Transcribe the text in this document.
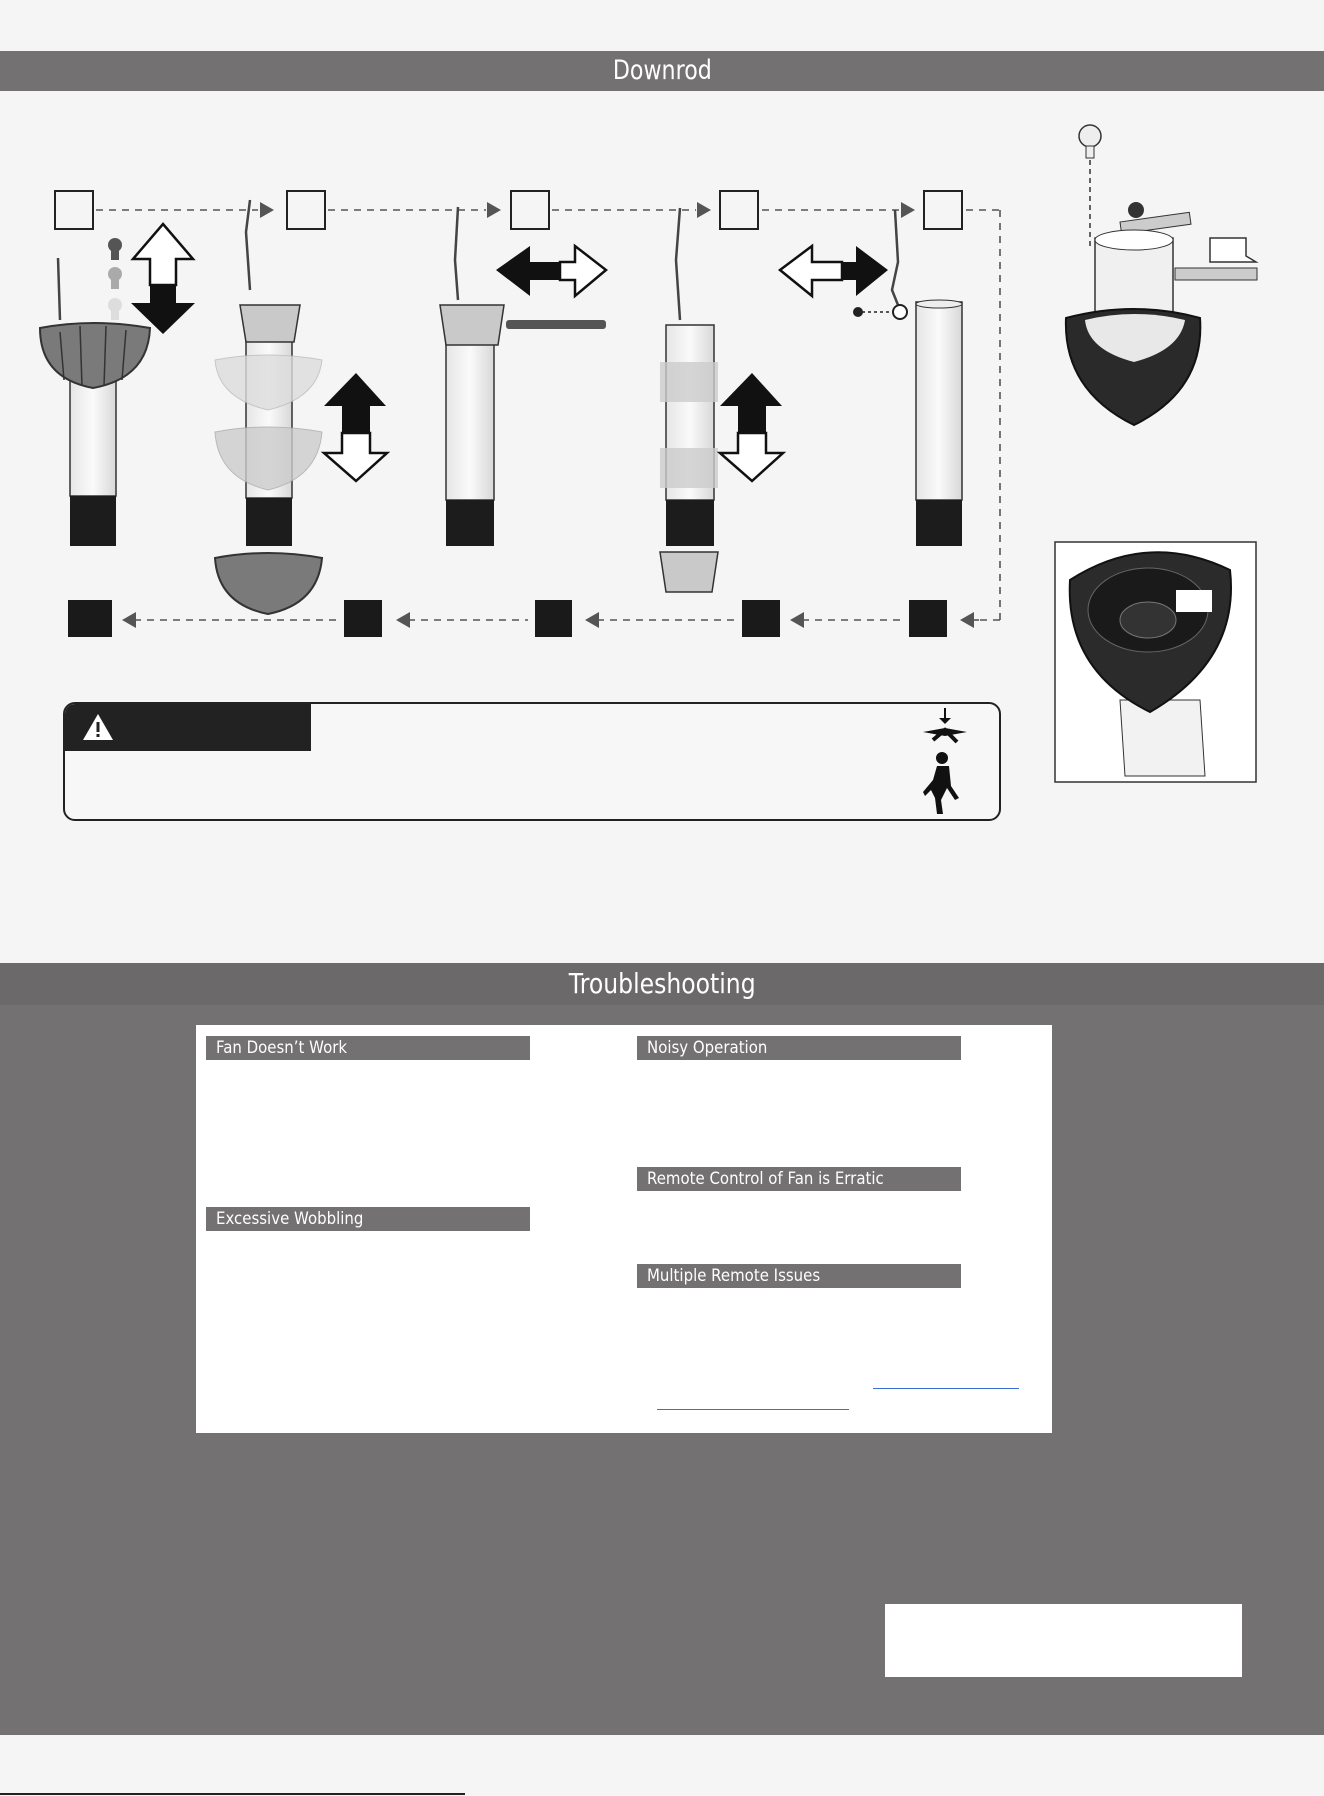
Downrod
Troubleshooting
Fan Doesn’t Work
Excessive Wobbling
Noisy Operation
Remote Control of Fan is Erratic
Multiple Remote Issues
